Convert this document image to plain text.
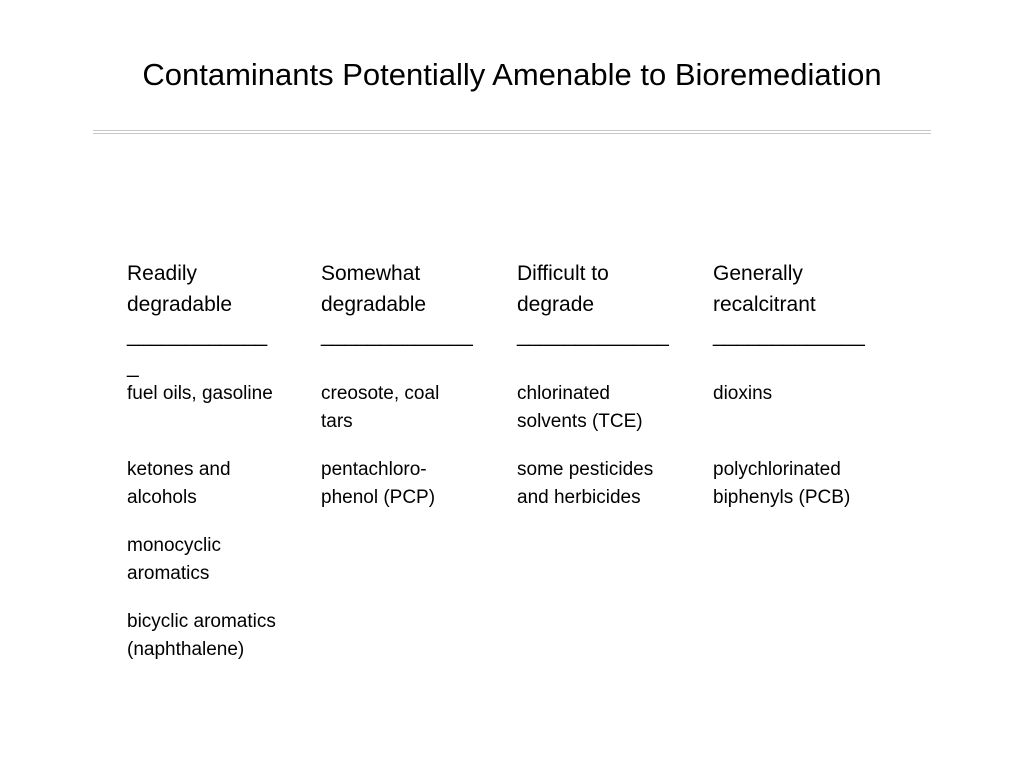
Contaminants Potentially Amenable to Bioremediation

Readily
degradable

____________
_

fuel oils, gasoline

ketones and
alcohols

monocyclic
aromatics

bicyclic aromatics
(naphthalene)

Somewhat
degradable

_____________

creosote, coal
tars

pentachloro-
phenol (PCP)

Difficult to
degrade

_____________

chlorinated
solvents (TCE)

some pesticides
and herbicides

Generally
recalcitrant

_____________

dioxins

polychlorinated
biphenyls (PCB)
